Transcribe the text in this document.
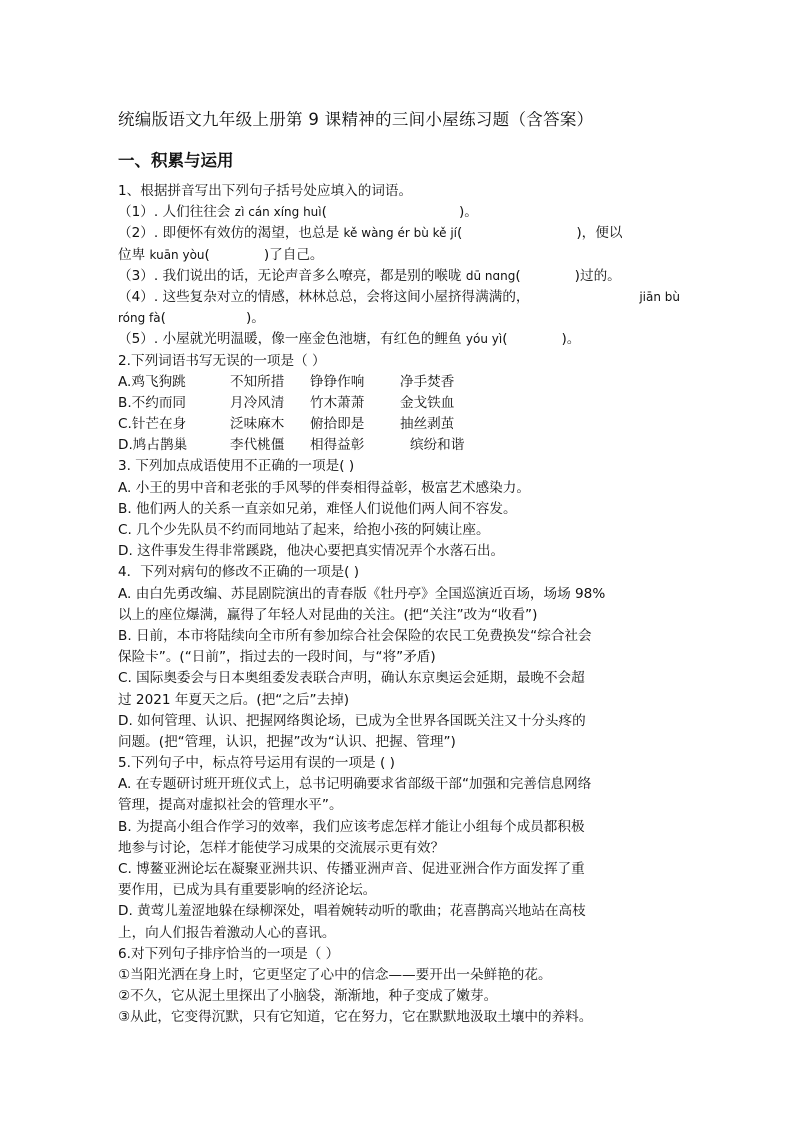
统编版语文九年级上册第 9 课精神的三间小屋练习题（含答案）
一、积累与运用
1、根据拼音写出下列句子括号处应填入的词语。
（1）. 人们往往会 zì cán xíng huì(	)。
（2）. 即便怀有效仿的渴望，也总是 kě wàng ér bù kě jí(	)，便以
位卑 kuān yòu(	)了自己。
（3）. 我们说出的话，无论声音多么嘹亮，都是别的喉咙 dū nɑng(	)过的。
（4）. 这些复杂对立的情感，林林总总，会将这间小屋挤得满满的，	jiān bù
róng fà(	)。
（5）. 小屋就光明温暖，像一座金色池塘，有红色的鲤鱼 yóu yì(	)。
2.下列词语书写无误的一项是（ ）
A.鸡飞狗跳	不知所措 铮铮作响	净手焚香
B.不约而同	月冷风清 竹木萧萧	金戈铁血
C.针芒在身	泛味麻木 俯拾即是	抽丝剥茧
D.鸠占鹊巢	李代桃僵 相得益彰	缤纷和谐
3. 下列加点成语使用不正确的一项是( )
A. 小王的男中音和老张的手风琴的伴奏相得益彰，极富艺术感染力。
B. 他们两人的关系一直亲如兄弟，难怪人们说他们两人间不容发。
C. 几个少先队员不约而同地站了起来，给抱小孩的阿姨让座。
D. 这件事发生得非常蹊跷，他决心要把真实情况弄个水落石出。
4．下列对病句的修改不正确的一项是( )
A. 由白先勇改编、苏昆剧院演出的青春版《牡丹亭》全国巡演近百场，场场 98%
以上的座位爆满，赢得了年轻人对昆曲的关注。(把“关注”改为“收看”)
B. 日前，本市将陆续向全市所有参加综合社会保险的农民工免费换发“综合社会
保险卡”。(“日前”，指过去的一段时间，与“将”矛盾)
C. 国际奥委会与日本奥组委发表联合声明，确认东京奥运会延期，最晚不会超
过 2021 年夏天之后。(把“之后”去掉)
D. 如何管理、认识、把握网络舆论场，已成为全世界各国既关注又十分头疼的
问题。(把“管理，认识，把握”改为“认识、把握、管理”)
5.下列句子中，标点符号运用有误的一项是 ( )
A. 在专题研讨班开班仪式上，总书记明确要求省部级干部“加强和完善信息网络
管理，提高对虚拟社会的管理水平”。
B. 为提高小组合作学习的效率，我们应该考虑怎样才能让小组每个成员都积极
地参与讨论，怎样才能使学习成果的交流展示更有效？
C. 博鳌亚洲论坛在凝聚亚洲共识、传播亚洲声音、促进亚洲合作方面发挥了重
要作用，已成为具有重要影响的经济论坛。
D. 黄莺儿羞涩地躲在绿柳深处，唱着婉转动听的歌曲；花喜鹊高兴地站在高枝
上，向人们报告着激动人心的喜讯。
6.对下列句子排序恰当的一项是（ ）
①当阳光洒在身上时，它更坚定了心中的信念——要开出一朵鲜艳的花。
②不久，它从泥土里探出了小脑袋，渐渐地，种子变成了嫩芽。
③从此，它变得沉默，只有它知道，它在努力，它在默默地汲取土壤中的养料。
